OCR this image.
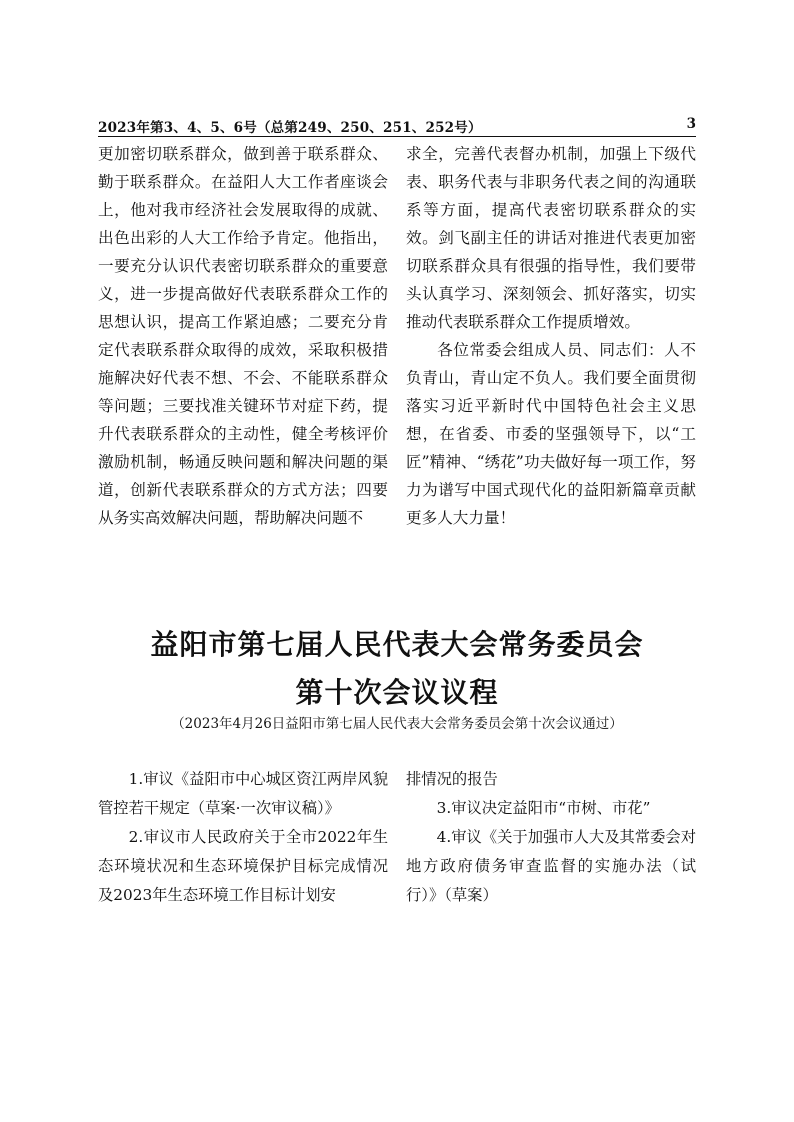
2023年第3、4、5、6号（总第249、250、251、252号）	3

更加密切联系群众，做到善于联系群众、勤于联系群众。在益阳人大工作者座谈会上，他对我市经济社会发展取得的成就、出色出彩的人大工作给予肯定。他指出，一要充分认识代表密切联系群众的重要意义，进一步提高做好代表联系群众工作的思想认识，提高工作紧迫感；二要充分肯定代表联系群众取得的成效，采取积极措施解决好代表不想、不会、不能联系群众等问题；三要找准关键环节对症下药，提升代表联系群众的主动性，健全考核评价激励机制，畅通反映问题和解决问题的渠道，创新代表联系群众的方式方法；四要从务实高效解决问题，帮助解决问题不

求全，完善代表督办机制，加强上下级代表、职务代表与非职务代表之间的沟通联系等方面，提高代表密切联系群众的实效。剑飞副主任的讲话对推进代表更加密切联系群众具有很强的指导性，我们要带头认真学习、深刻领会、抓好落实，切实推动代表联系群众工作提质增效。

各位常委会组成人员、同志们：人不负青山，青山定不负人。我们要全面贯彻落实习近平新时代中国特色社会主义思想，在省委、市委的坚强领导下，以“工匠”精神、“绣花”功夫做好每一项工作，努力为谱写中国式现代化的益阳新篇章贡献更多人大力量！

益阳市第七届人民代表大会常务委员会
第十次会议议程
（2023年4月26日益阳市第七届人民代表大会常务委员会第十次会议通过）

1.审议《益阳市中心城区资江两岸风貌管控若干规定（草案·一次审议稿）》

2.审议市人民政府关于全市2022年生态环境状况和生态环境保护目标完成情况及2023年生态环境工作目标计划安

排情况的报告

3.审议决定益阳市“市树、市花”

4.审议《关于加强市人大及其常委会对地方政府债务审查监督的实施办法（试行）》（草案）
